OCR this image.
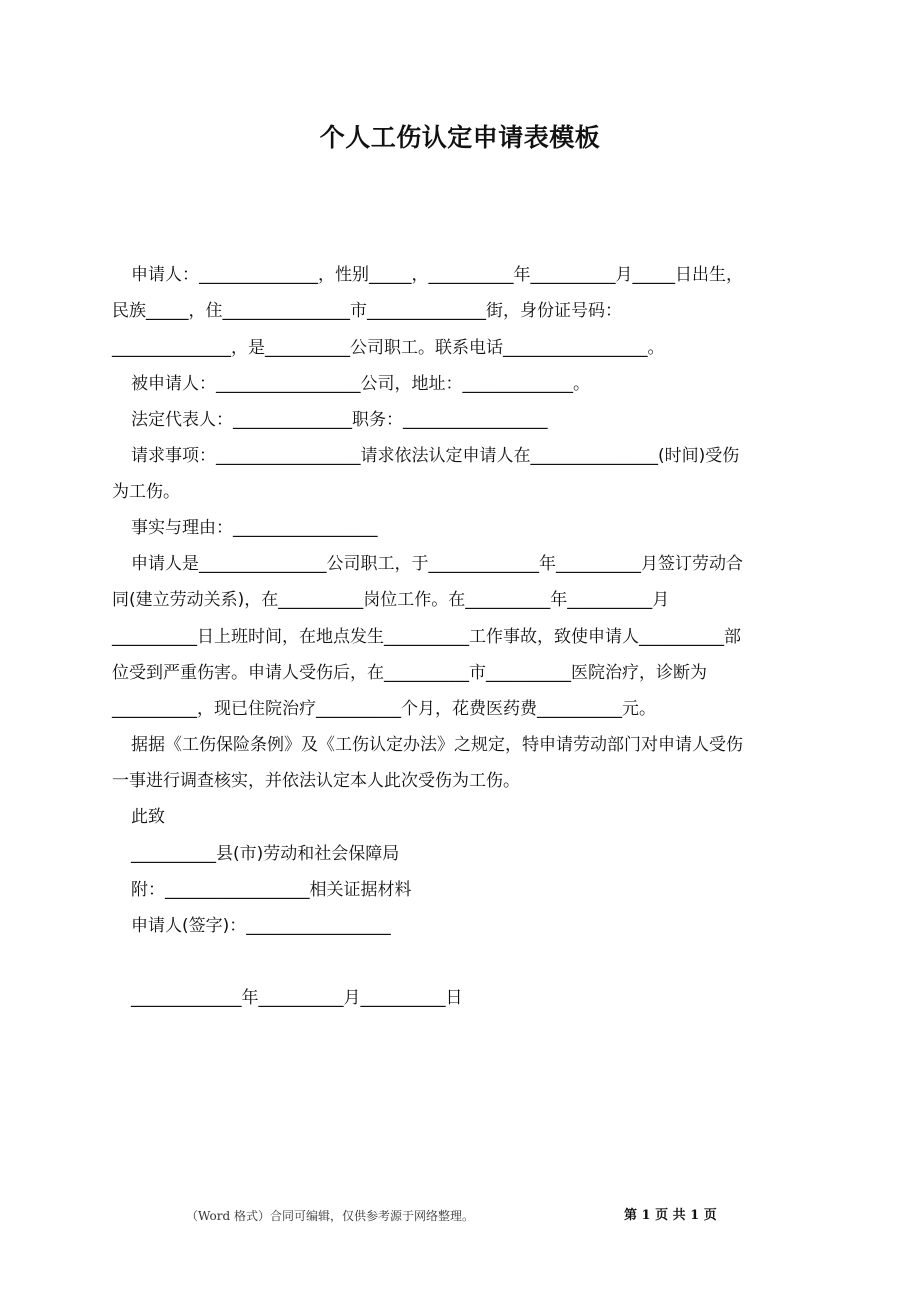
个人工伤认定申请表模板
申请人：______________，性别_____，__________年__________月_____日出生，
民族_____，住_______________市______________街，身份证号码：
______________，是__________公司职工。联系电话_________________。
被申请人：_________________公司，地址：_____________。
法定代表人：______________职务：_________________
请求事项：_________________请求依法认定申请人在_______________(时间)受伤
为工伤。
事实与理由：_________________
申请人是_______________公司职工，于_____________年__________月签订劳动合
同(建立劳动关系)，在__________岗位工作。在__________年__________月
__________日上班时间，在地点发生__________工作事故，致使申请人__________部
位受到严重伤害。申请人受伤后，在__________市__________医院治疗，诊断为
__________，现已住院治疗__________个月，花费医药费__________元。
据据《工伤保险条例》及《工伤认定办法》之规定，特申请劳动部门对申请人受伤
一事进行调查核实，并依法认定本人此次受伤为工伤。
此致
__________县(市)劳动和社会保障局
附：_________________相关证据材料
申请人(签字)：_________________
_____________年__________月__________日
（Word 格式）合同可编辑，仅供参考源于网络整理。	第 1 页 共 1 页
